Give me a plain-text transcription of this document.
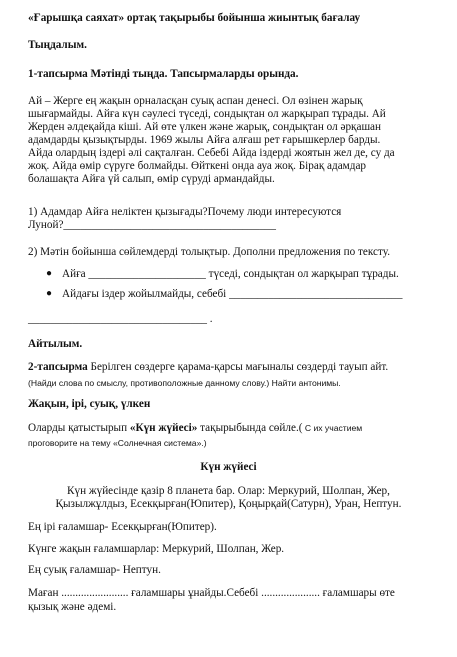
«Ғарышқа саяхат» ортақ тақырыбы бойынша жиынтық бағалау
Тыңдалым.
1-тапсырма Мәтінді тыңда. Тапсырмаларды орында.
Ай – Жерге ең жақын орналасқан суық аспан денесі. Ол өзінен жарық
шығармайды. Айға күн сәулесі түседі, сондықтан ол жарқырап тұрады. Ай
Жерден әлдеқайда кіші. Ай өте үлкен және жарық, сондықтан ол әрқашан
адамдарды қызықтырды. 1969 жылы Айға алғаш рет ғарышкерлер барды.
Айда олардың іздері әлі сақталған. Себебі Айда іздерді жоятын жел де, су да
жоқ. Айда өмір сүруге болмайды. Өйткені онда ауа жоқ. Бірақ адамдар
болашақта Айға үй салып, өмір сүруді армандайды.
1) Адамдар Айға неліктен қызығады?Почему люди интересуются
Луной?______________________________________
2) Мәтін бойынша сөйлемдерді толықтыр. Дополни предложения по тексту.
● Айға _____________________ түседі, сондықтан ол жарқырап тұрады.
● Айдағы іздер жойылмайды, себебі _______________________________
________________________________ .
Айтылым.
2-тапсырма Берілген сөздерге қарама-қарсы мағыналы сөздерді тауып айт.
(Найди слова по смыслу, противоположные данному слову.) Найти антонимы.
Жақын, ірі, суық, үлкен
Оларды қатыстырып «Күн жүйесі» тақырыбында сөйле.( С их участием
проговорите на тему «Солнечная система».)
Күн жүйесі
Күн жүйесінде қазір 8 планета бар. Олар: Меркурий, Шолпан, Жер,
Қызылжұлдыз, Есекқырған(Юпитер), Қоңырқай(Сатурн), Уран, Нептун.
Ең ірі ғаламшар- Есекқырған(Юпитер).
Күнге жақын ғаламшарлар: Меркурий, Шолпан, Жер.
Ең суық ғаламшар- Нептун.
Маған ........................ ғаламшары ұнайды.Себебі ..................... ғаламшары өте
қызық және әдемі.
